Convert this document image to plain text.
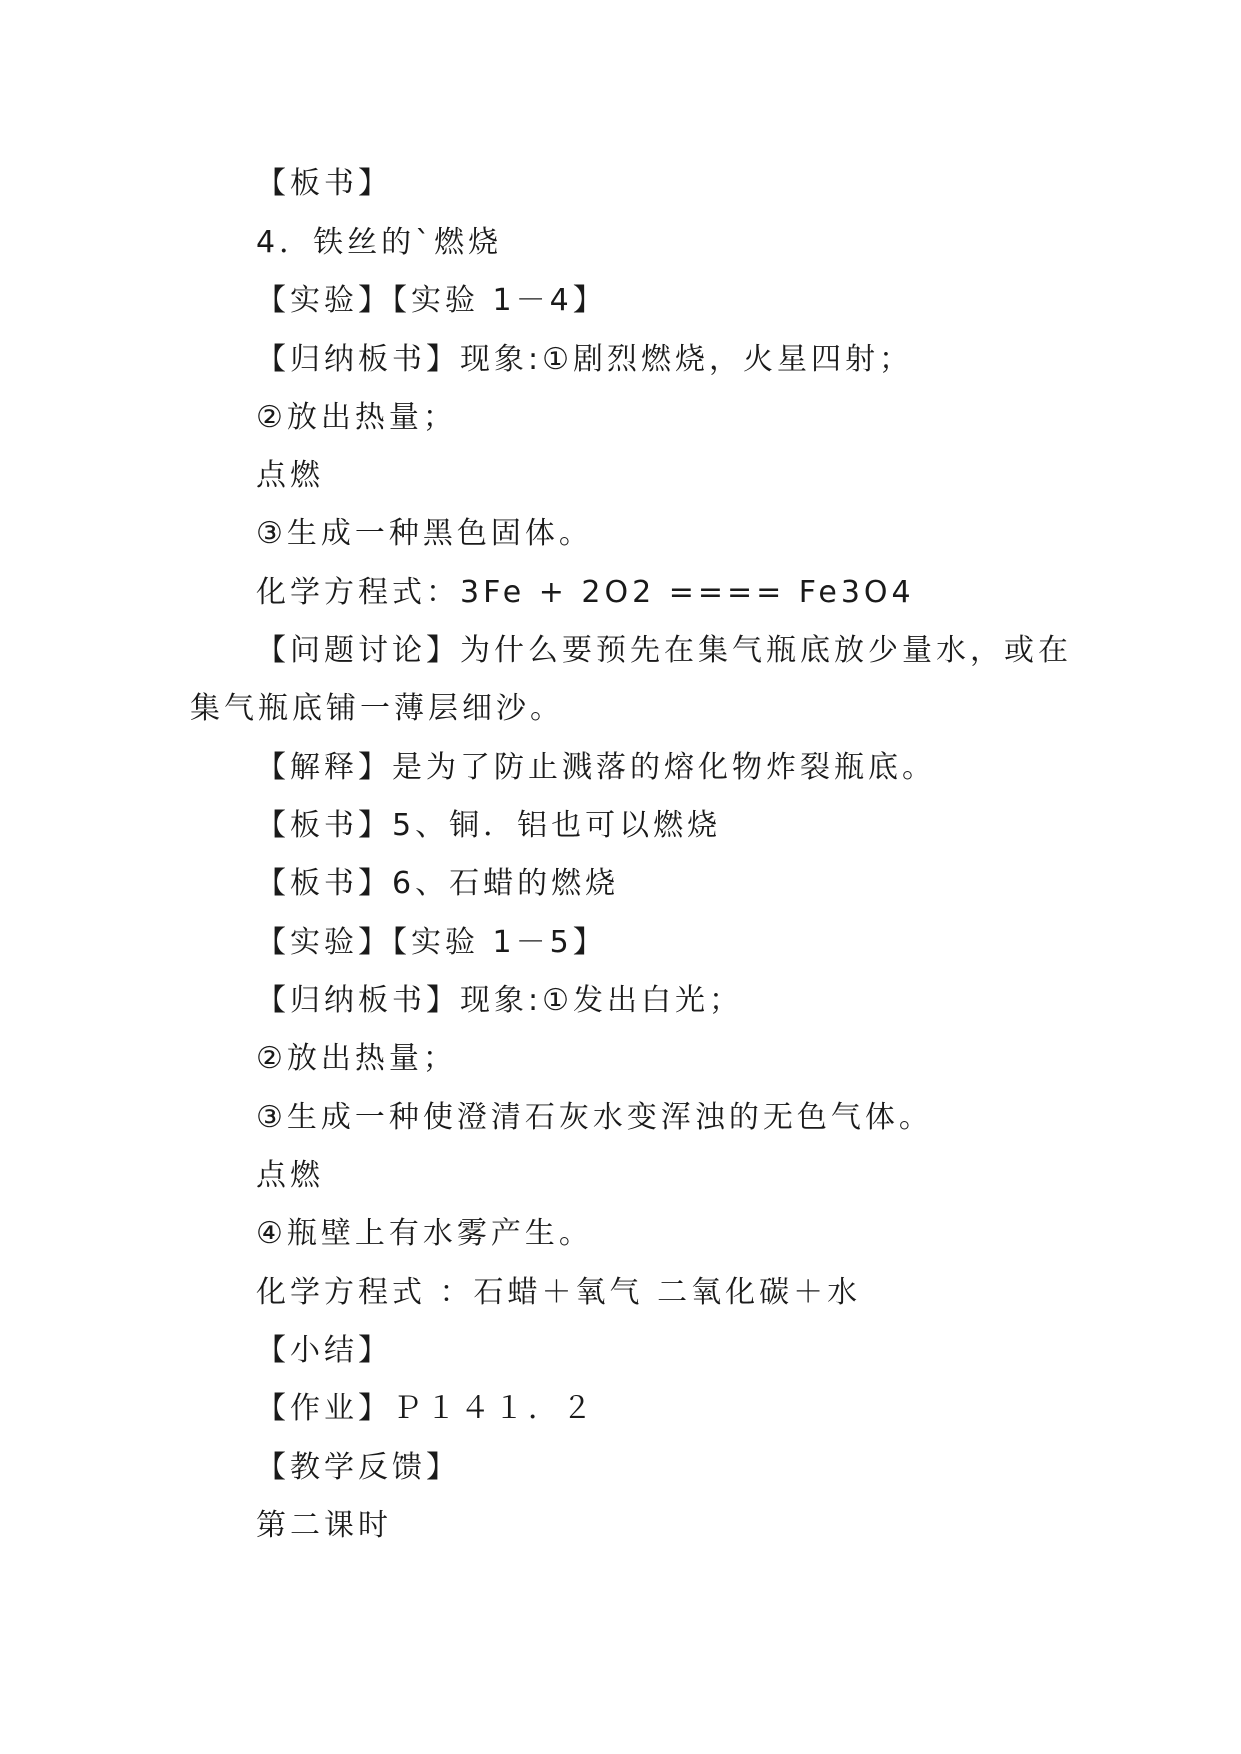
【板书】
4．铁丝的`燃烧
【实验】【实验 1－4】
【归纳板书】现象:①剧烈燃烧，火星四射；
②放出热量；
点燃
③生成一种黑色固体。
化学方程式：3Fe + 2O2 ==== Fe3O4
【问题讨论】为什么要预先在集气瓶底放少量水，或在
集气瓶底铺一薄层细沙。
【解释】是为了防止溅落的熔化物炸裂瓶底。
【板书】5、铜．铝也可以燃烧
【板书】6、石蜡的燃烧
【实验】【实验 1－5】
【归纳板书】现象:①发出白光；
②放出热量；
③生成一种使澄清石灰水变浑浊的无色气体。
点燃
④瓶壁上有水雾产生。
化学方程式 ：石蜡＋氧气 二氧化碳＋水
【小结】
【作业】Ｐ１４１．２
【教学反馈】
第二课时
